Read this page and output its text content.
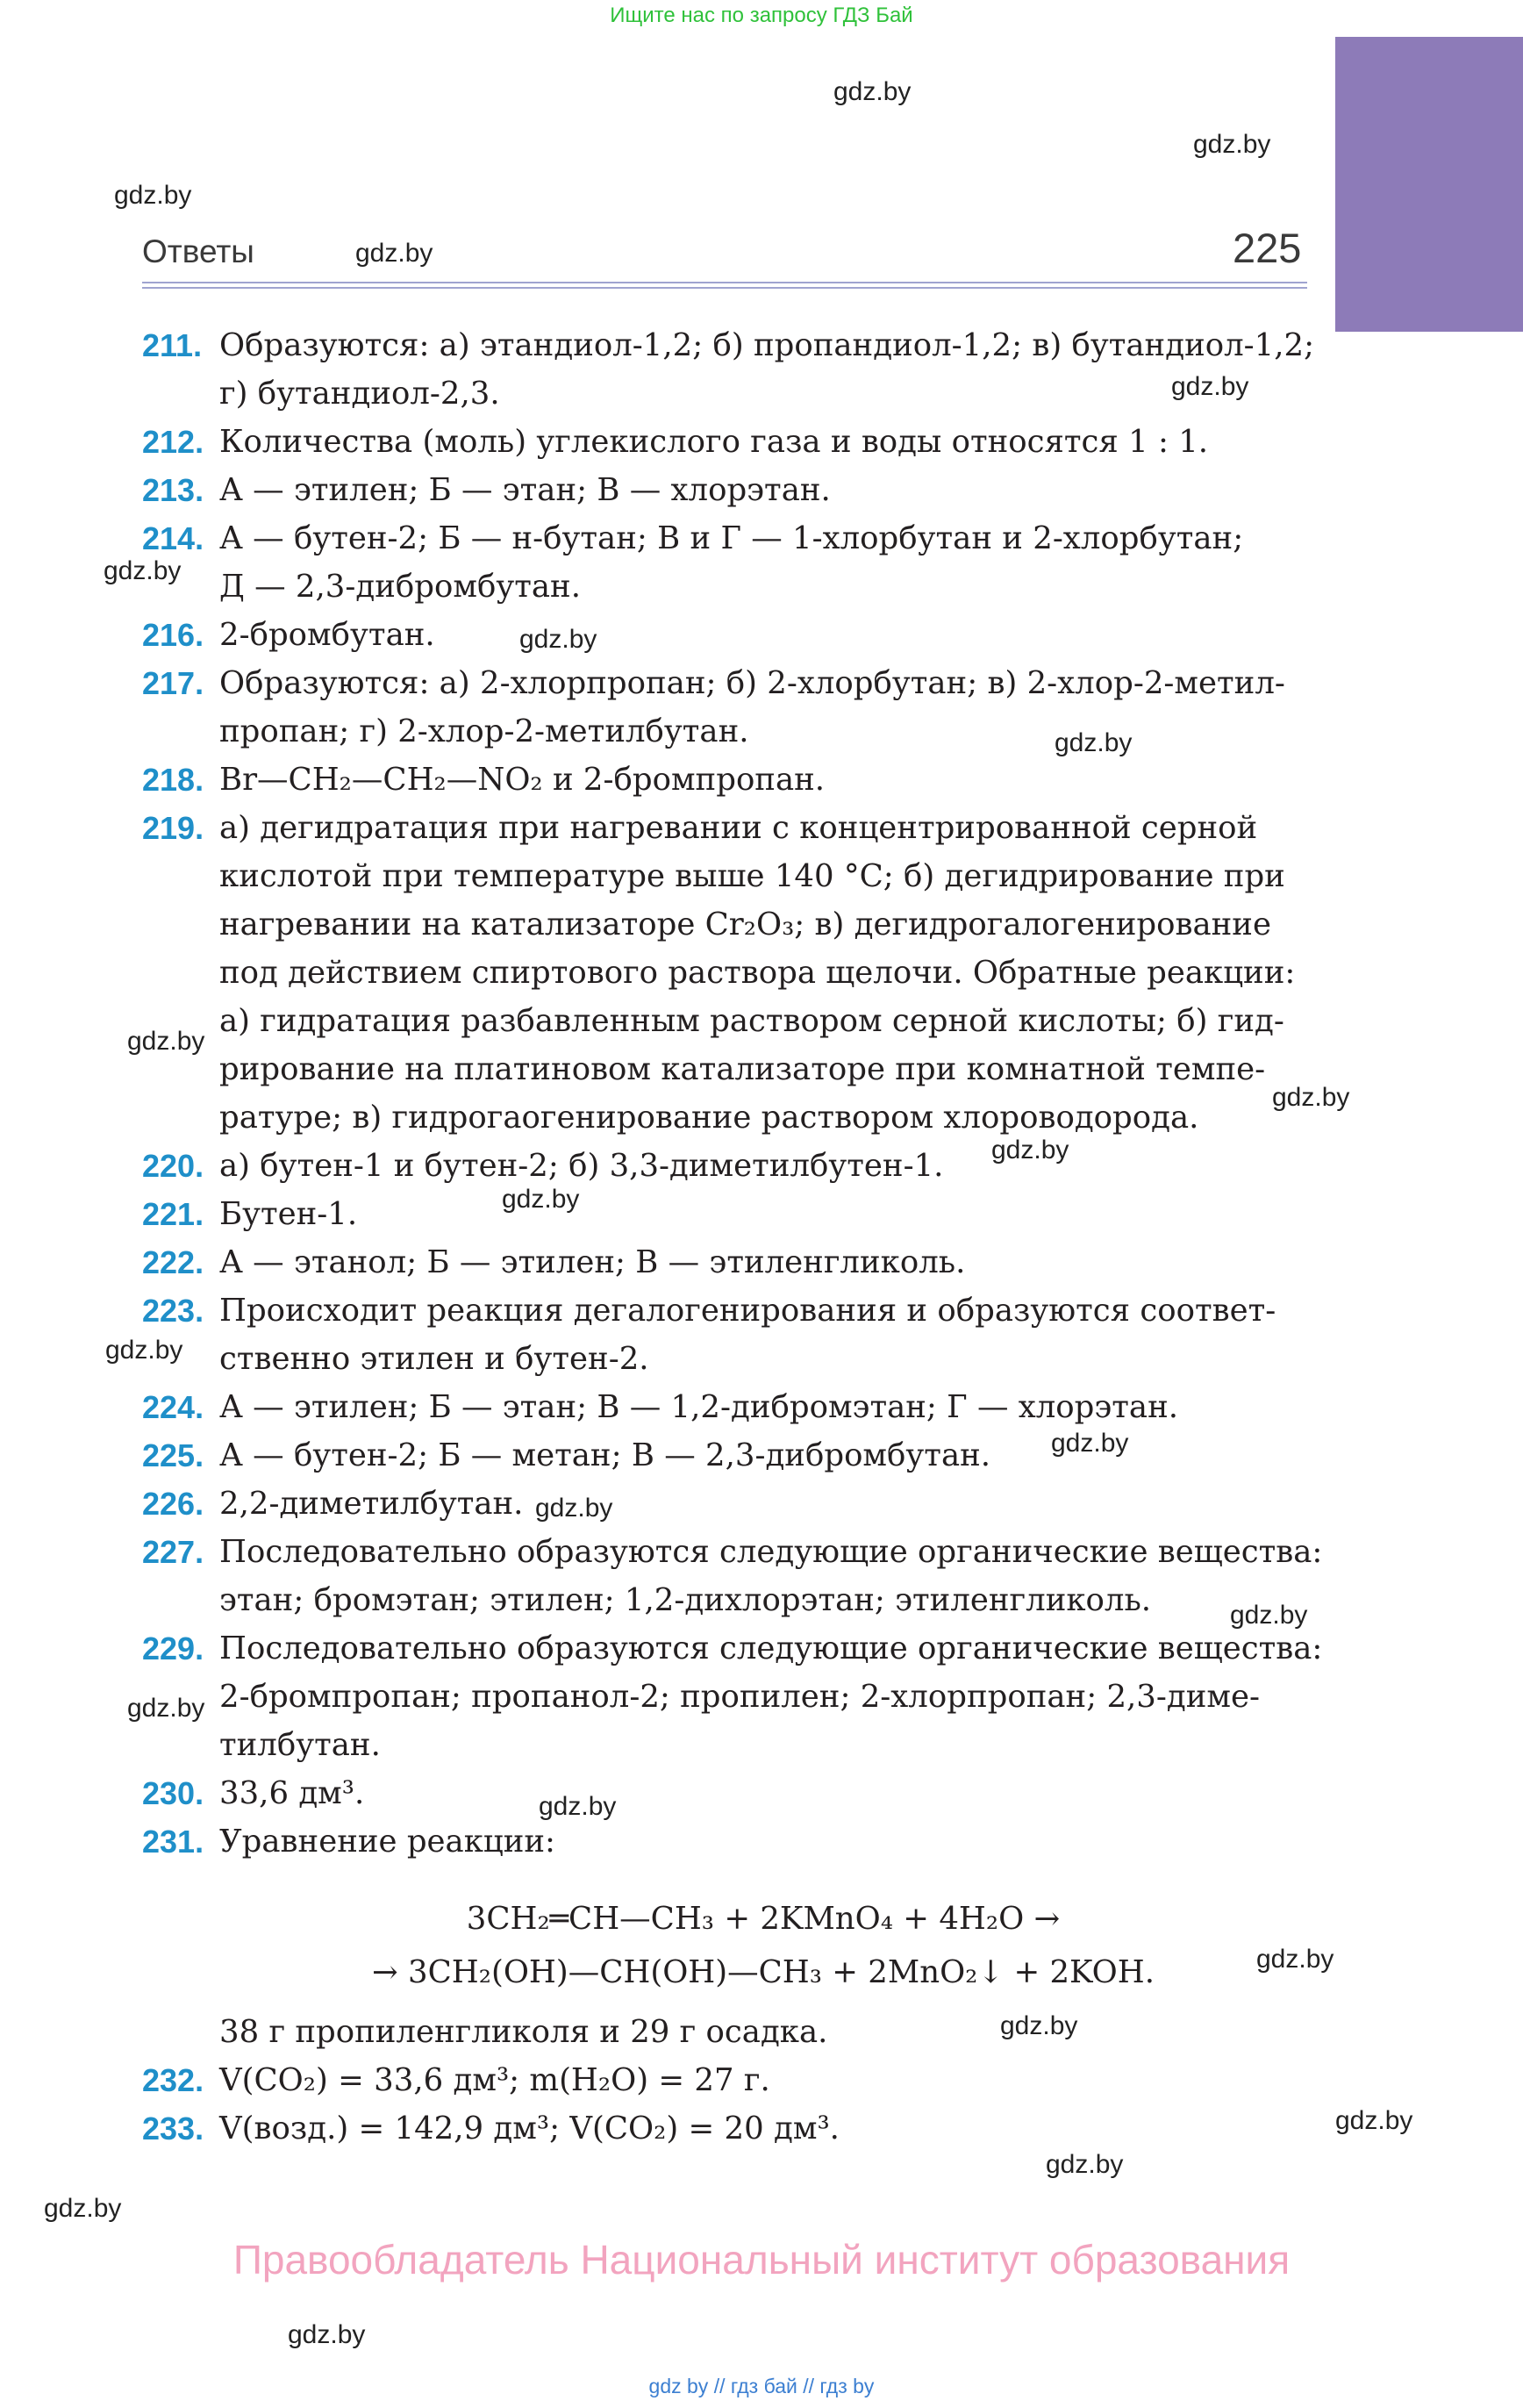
Ищите нас по запросу ГДЗ Бай
Ответы	225
gdz.by
gdz.by
gdz.by
gdz.by
gdz.by
gdz.by
gdz.by
gdz.by
gdz.by
gdz.by
gdz.by
gdz.by
gdz.by
gdz.by
gdz.by
gdz.by
gdz.by
gdz.by
gdz.by
gdz.by
gdz.by
gdz.by
gdz.by
gdz.by
211. Образуются: а) этандиол-1,2; б) пропандиол-1,2; в) бутандиол-1,2;
г) бутандиол-2,3.
212. Количества (моль) углекислого газа и воды относятся 1 : 1.
213. А — этилен; Б — этан; В — хлорэтан.
214. А — бутен-2; Б — н-бутан; В и Г — 1-хлорбутан и 2-хлорбутан;
Д — 2,3-дибромбутан.
216. 2-бромбутан.
217. Образуются: а) 2-хлорпропан; б) 2-хлорбутан; в) 2-хлор-2-метил-
пропан; г) 2-хлор-2-метилбутан.
218. Br—CH₂—CH₂—NO₂ и 2-бромпропан.
219. а) дегидратация при нагревании с концентрированной серной
кислотой при температуре выше 140 °С; б) дегидрирование при
нагревании на катализаторе Cr₂O₃; в) дегидрогалогенирование
под действием спиртового раствора щелочи. Обратные реакции:
а) гидратация разбавленным раствором серной кислоты; б) гид-
рирование на платиновом катализаторе при комнатной темпе-
ратуре; в) гидрогаогенирование раствором хлороводорода.
220. а) бутен-1 и бутен-2; б) 3,3-диметилбутен-1.
221. Бутен-1.
222. А — этанол; Б — этилен; В — этиленгликоль.
223. Происходит реакция дегалогенирования и образуются соответ-
ственно этилен и бутен-2.
224. А — этилен; Б — этан; В — 1,2-дибромэтан; Г — хлорэтан.
225. А — бутен-2; Б — метан; В — 2,3-дибромбутан.
226. 2,2-диметилбутан.
227. Последовательно образуются следующие органические вещества:
этан; бромэтан; этилен; 1,2-дихлорэтан; этиленгликоль.
229. Последовательно образуются следующие органические вещества:
2-бромпропан; пропанол-2; пропилен; 2-хлорпропан; 2,3-диме-
тилбутан.
230. 33,6 дм³.
231. Уравнение реакции:
3CH₂═CH—CH₃ + 2KMnO₄ + 4H₂O →
→ 3CH₂(OH)—CH(OH)—CH₃ + 2MnO₂↓ + 2KOH.
38 г пропиленгликоля и 29 г осадка.
232. V(CO₂) = 33,6 дм³; m(H₂O) = 27 г.
233. V(возд.) = 142,9 дм³; V(CO₂) = 20 дм³.
Правообладатель Национальный институт образования
gdz by // гдз бай // гдз by
